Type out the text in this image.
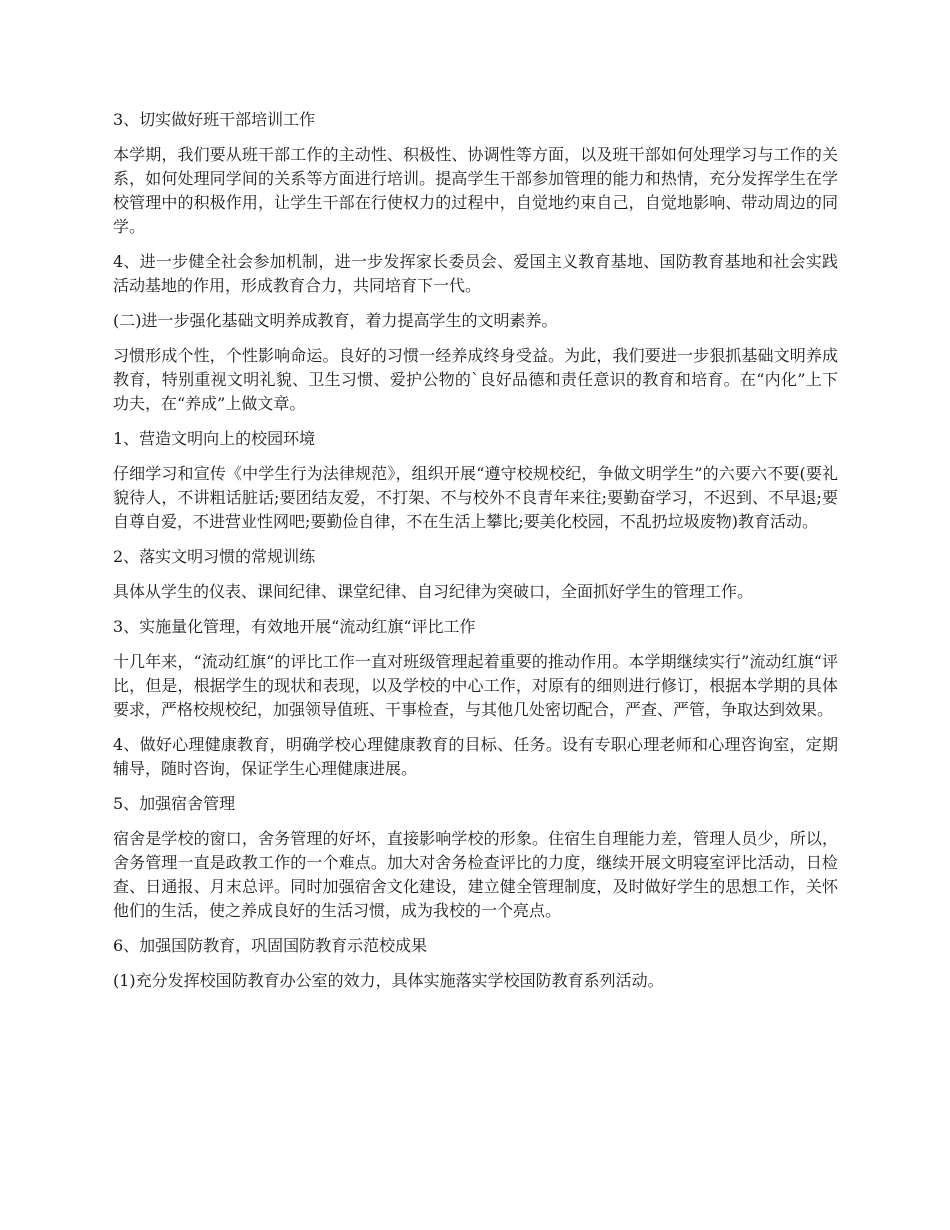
3、切实做好班干部培训工作

本学期，我们要从班干部工作的主动性、积极性、协调性等方面，以及班干部如何处理学习与工作的关系，如何处理同学间的关系等方面进行培训。提高学生干部参加管理的能力和热情，充分发挥学生在学校管理中的积极作用，让学生干部在行使权力的过程中，自觉地约束自己，自觉地影响、带动周边的同学。

4、进一步健全社会参加机制，进一步发挥家长委员会、爱国主义教育基地、国防教育基地和社会实践活动基地的作用，形成教育合力，共同培育下一代。

(二)进一步强化基础文明养成教育，着力提高学生的文明素养。

习惯形成个性，个性影响命运。良好的习惯一经养成终身受益。为此，我们要进一步狠抓基础文明养成教育，特别重视文明礼貌、卫生习惯、爱护公物的`良好品德和责任意识的教育和培育。在“内化”上下功夫，在“养成”上做文章。

1、营造文明向上的校园环境

仔细学习和宣传《中学生行为法律规范》，组织开展“遵守校规校纪，争做文明学生”的六要六不要(要礼貌待人，不讲粗话脏话;要团结友爱，不打架、不与校外不良青年来往;要勤奋学习，不迟到、不早退;要自尊自爱，不进营业性网吧;要勤俭自律，不在生活上攀比;要美化校园，不乱扔垃圾废物)教育活动。

2、落实文明习惯的常规训练

具体从学生的仪表、课间纪律、课堂纪律、自习纪律为突破口，全面抓好学生的管理工作。

3、实施量化管理，有效地开展“流动红旗“评比工作

十几年来，“流动红旗“的评比工作一直对班级管理起着重要的推动作用。本学期继续实行”流动红旗“评比，但是，根据学生的现状和表现，以及学校的中心工作，对原有的细则进行修订，根据本学期的具体要求，严格校规校纪，加强领导值班、干事检查，与其他几处密切配合，严查、严管，争取达到效果。

4、做好心理健康教育，明确学校心理健康教育的目标、任务。设有专职心理老师和心理咨询室，定期辅导，随时咨询，保证学生心理健康进展。

5、加强宿舍管理

宿舍是学校的窗口，舍务管理的好坏，直接影响学校的形象。住宿生自理能力差，管理人员少，所以，舍务管理一直是政教工作的一个难点。加大对舍务检查评比的力度，继续开展文明寝室评比活动，日检查、日通报、月末总评。同时加强宿舍文化建设，建立健全管理制度，及时做好学生的思想工作，关怀他们的生活，使之养成良好的生活习惯，成为我校的一个亮点。

6、加强国防教育，巩固国防教育示范校成果

(1)充分发挥校国防教育办公室的效力，具体实施落实学校国防教育系列活动。
